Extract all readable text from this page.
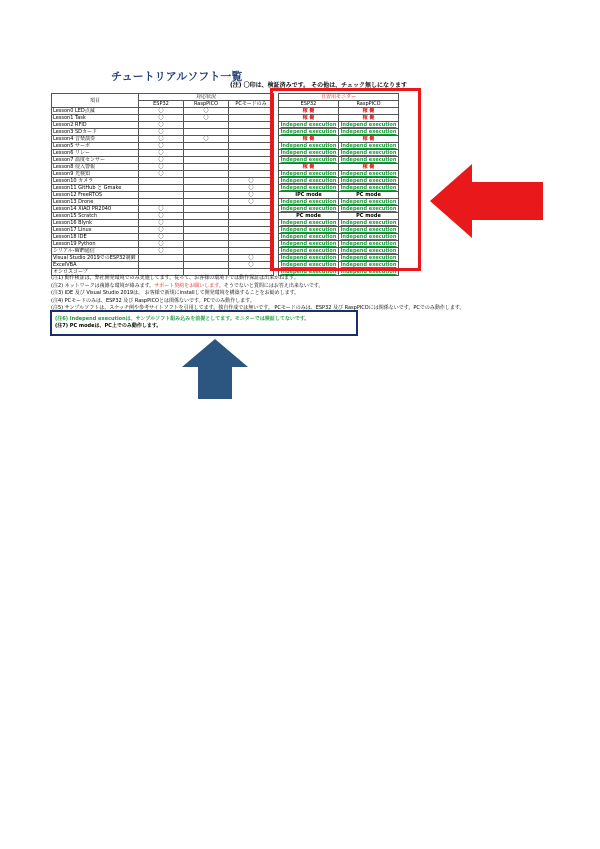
チュートリアルソフト一覧
(注) 〇印は、検証済みです。 その他は、チェック無しになります
項目	対応状況				自習用モニター	
	ESP32	RaspPICO	PCモードのみ		ESP32	RaspPICO
Lesson0 LED点滅	〇	〇			稼 働	稼 働
Lesson1 Task	〇	〇			稼 働	稼 働
Lesson2 RFID	〇				Independ execution	Independ execution
Lesson3 SDカード	〇				Independ execution	Independ execution
Lesson4 音楽演奏	〇	〇			稼 働	稼 働
Lesson5 サーボ	〇				Independ execution	Independ execution
Lesson6 リレー	〇				Independ execution	Independ execution
Lesson7 温度センサー	〇				Independ execution	Independ execution
Lesson8 侵入警報	〇				稼 働	稼 働
Lesson9 光検知	〇				Independ execution	Independ execution
Lesson10 カメラ			〇		Independ execution	Independ execution
Lesson11 GitHub と Gmake			〇		Independ execution	Independ execution
Lesson12 FreeRTOS			〇		IPC mode	PC mode
Lesson13 Drone			〇		Independ execution	Independ execution
Lesson14 XIAO PR2040	〇				Independ execution	Independ execution
Lesson15 Scratch	〇				PC mode	PC mode
Lesson16 Blynk	〇				Independ execution	Independ execution
Lesson17 Linux	〇				Independ execution	Independ execution
Lesson18 IDE	〇				Independ execution	Independ execution
Lesson19 Python	〇				Independ execution	Independ execution
シリアル-WiFi通信	〇				Independ execution	Independ execution
Visual Studio 2019でのESP32制御			〇		Independ execution	Independ execution
ExcelVBA			〇		Independ execution	Independ execution
オシロスコープ					Independ execution	Independ execution
(注1) 動作検証は、弊社開発環境でのみ実施してます。従って、お客様の環境下では動作保証は出来かねます。
(注2) ネットワークは複雑な環境が絡みます。サポート契約をお願いします。そうでないと質問にはお答え出来ないです。
(注3) IDE 及び Visual Studio 2019は、 お客様で新規にinstallして開発環境を構築することをお勧めします。
(注4) PCモードのみは、ESP32 及び RaspPICOとは関係ないです。PCでのみ動作します。
(注5) サンプルソフトは、スケッチ例や参考サイトソフトを引用してます。独自作成では無いです。 PCモードのみは、ESP32 及び RaspPICOには関係ないです。PCでのみ動作します。
(注6) Independ executionは、サンプルソフト組み込みを前提としてます。モニターでは検証してないです。
(注7) PC modeは、PC上でのみ動作します。
